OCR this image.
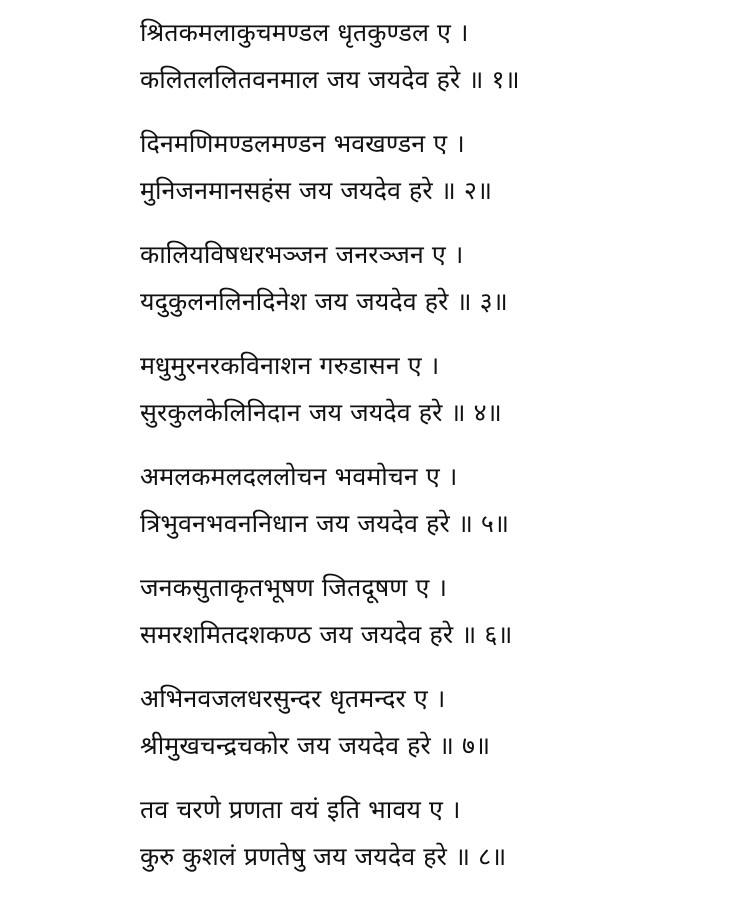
श्रितकमलाकुचमण्डल धृतकुण्डल ए ।
कलितललितवनमाल जय जयदेव हरे ॥ १॥
दिनमणिमण्डलमण्डन भवखण्डन ए ।
मुनिजनमानसहंस जय जयदेव हरे ॥ २॥
कालियविषधरभञ्जन जनरञ्जन ए ।
यदुकुलनलिनदिनेश जय जयदेव हरे ॥ ३॥
मधुमुरनरकविनाशन गरुडासन ए ।
सुरकुलकेलिनिदान जय जयदेव हरे ॥ ४॥
अमलकमलदललोचन भवमोचन ए ।
त्रिभुवनभवननिधान जय जयदेव हरे ॥ ५॥
जनकसुताकृतभूषण जितदूषण ए ।
समरशमितदशकण्ठ जय जयदेव हरे ॥ ६॥
अभिनवजलधरसुन्दर धृतमन्दर ए ।
श्रीमुखचन्द्रचकोर जय जयदेव हरे ॥ ७॥
तव चरणे प्रणता वयं इति भावय ए ।
कुरु कुशलं प्रणतेषु जय जयदेव हरे ॥ ८॥
